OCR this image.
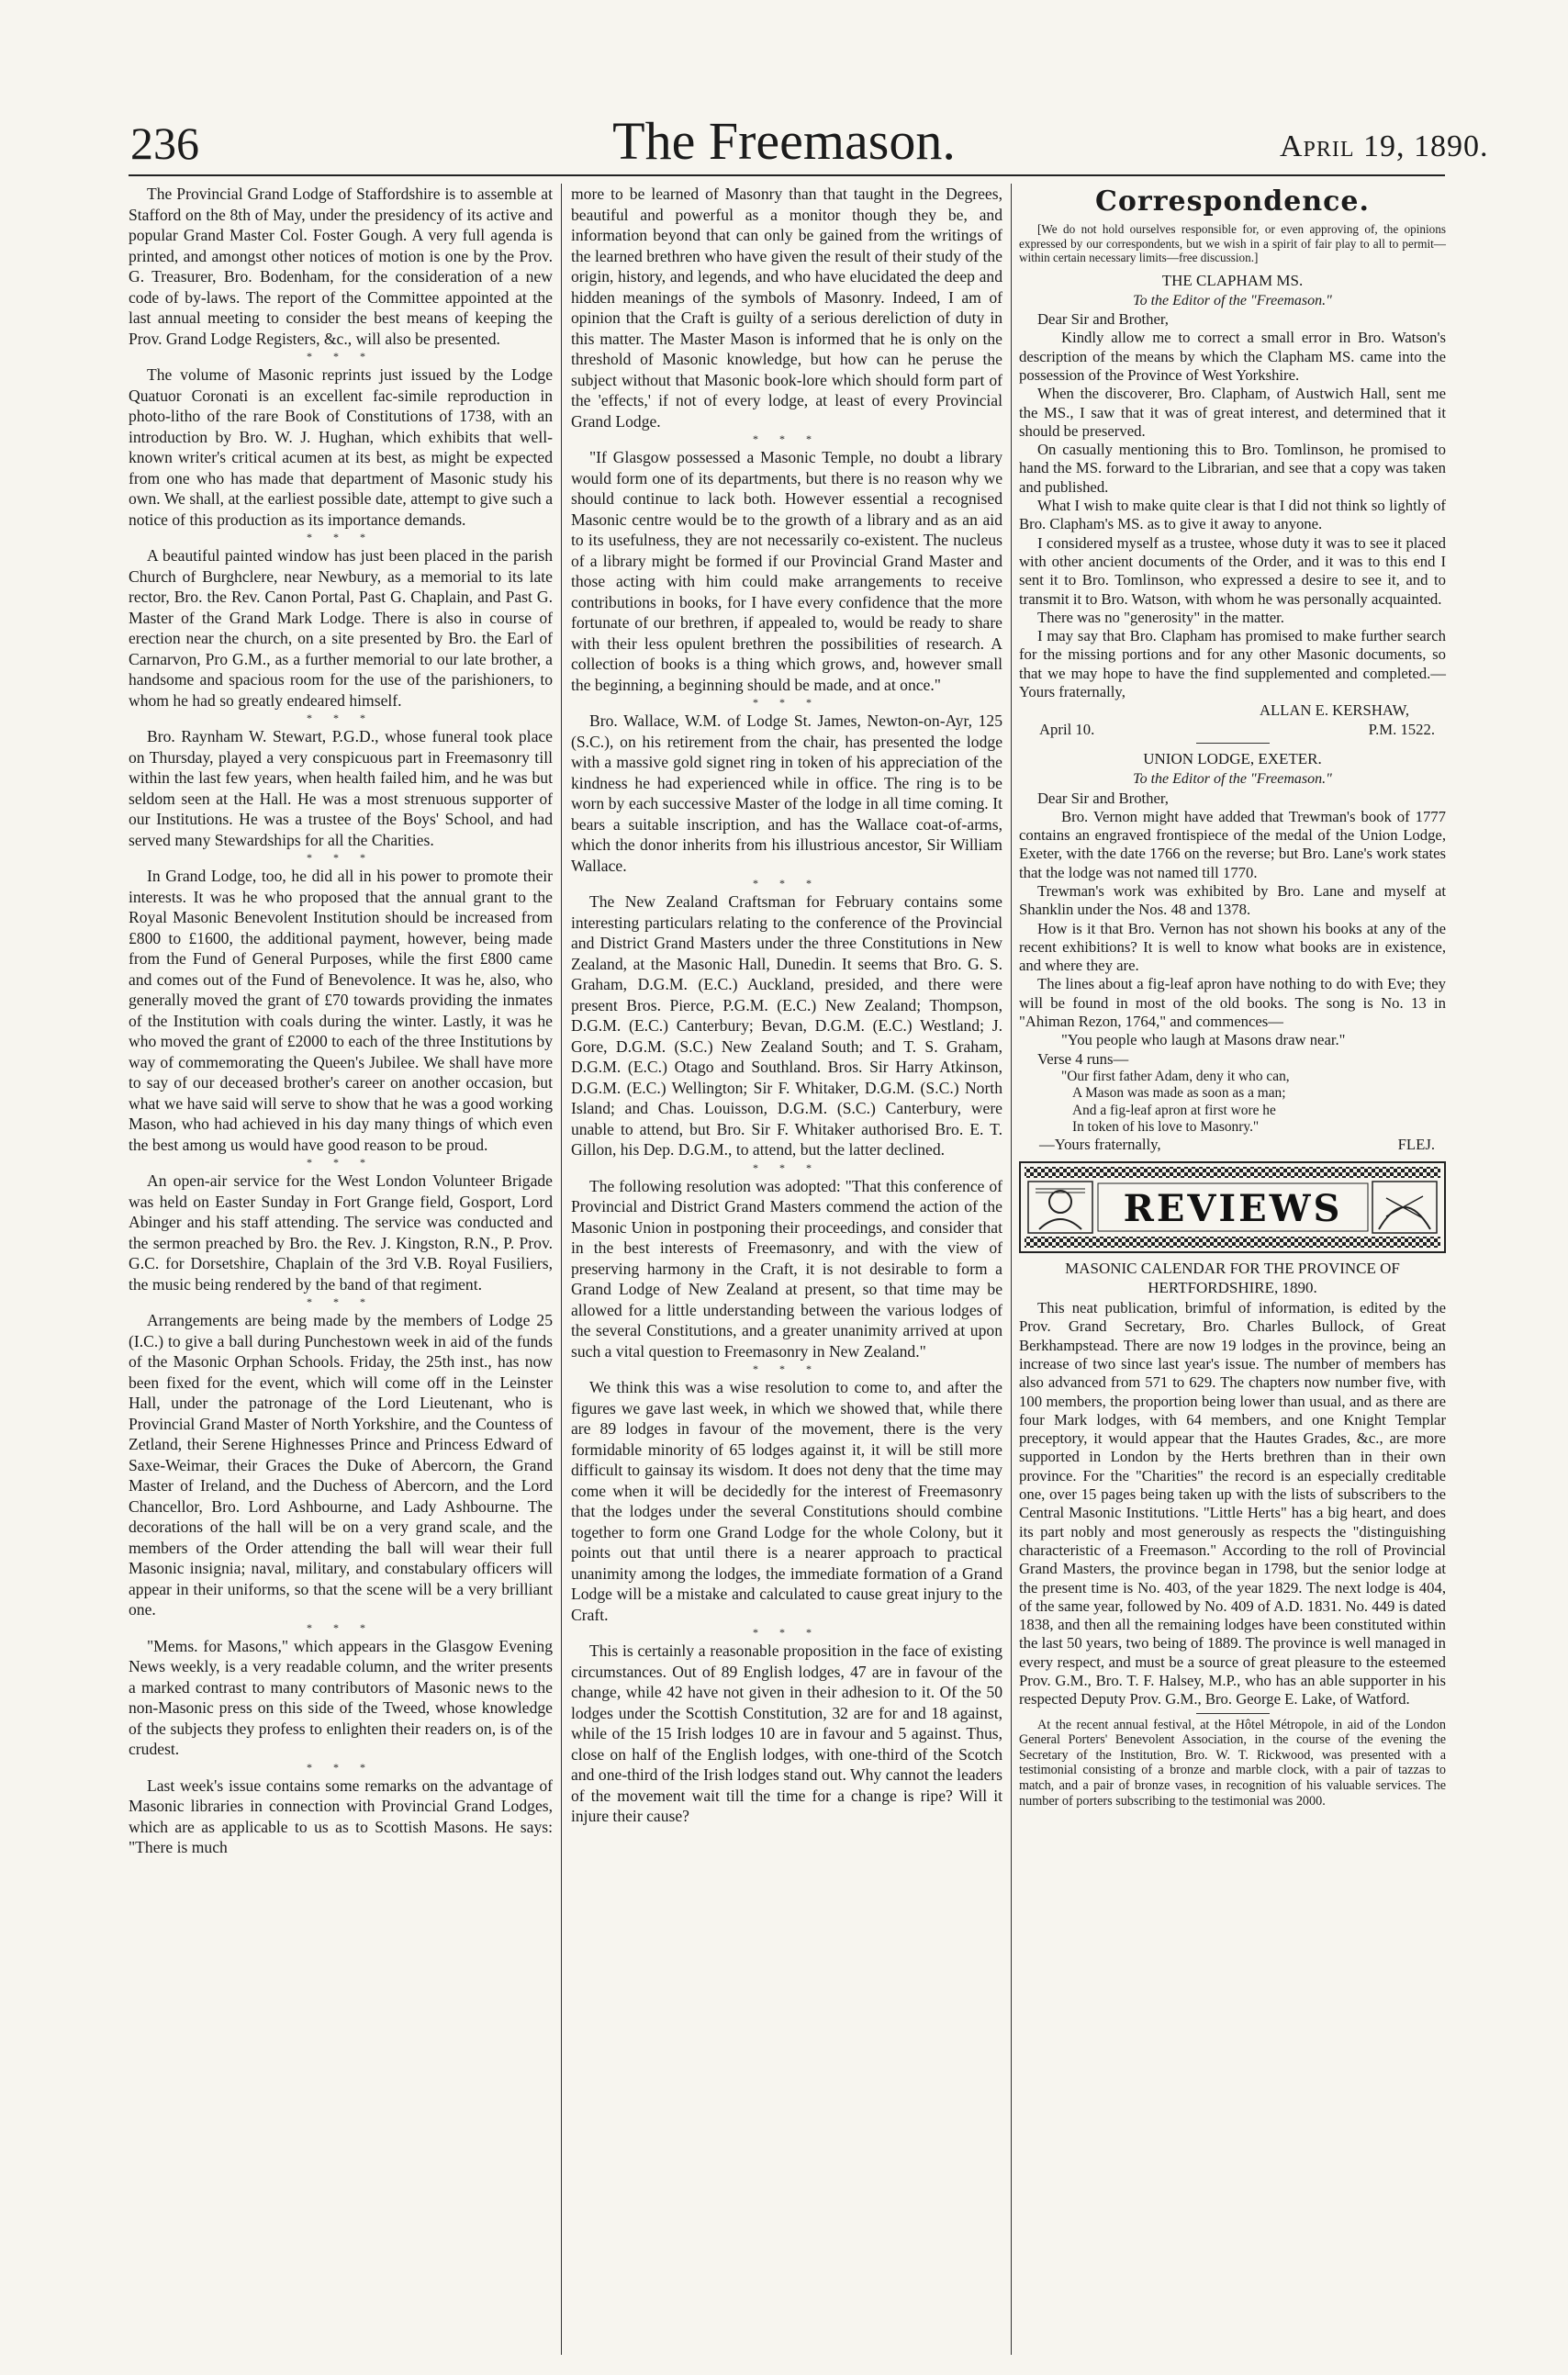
236	The Freemason.	April 19, 1890.

The Provincial Grand Lodge of Staffordshire is to assemble at Stafford on the 8th of May, under the presidency of its active and popular Grand Master Col. Foster Gough. A very full agenda is printed, and amongst other notices of motion is one by the Prov. G. Treasurer, Bro. Bodenham, for the consideration of a new code of by-laws. The report of the Committee appointed at the last annual meeting to consider the best means of keeping the Prov. Grand Lodge Registers, &c., will also be presented.

* * *

The volume of Masonic reprints just issued by the Lodge Quatuor Coronati is an excellent fac-simile reproduction in photo-litho of the rare Book of Constitutions of 1738, with an introduction by Bro. W. J. Hughan, which exhibits that well-known writer's critical acumen at its best, as might be expected from one who has made that department of Masonic study his own. We shall, at the earliest possible date, attempt to give such a notice of this production as its importance demands.

* * *

A beautiful painted window has just been placed in the parish Church of Burghclere, near Newbury, as a memorial to its late rector, Bro. the Rev. Canon Portal, Past G. Chaplain, and Past G. Master of the Grand Mark Lodge. There is also in course of erection near the church, on a site presented by Bro. the Earl of Carnarvon, Pro G.M., as a further memorial to our late brother, a handsome and spacious room for the use of the parishioners, to whom he had so greatly endeared himself.

* * *

Bro. Raynham W. Stewart, P.G.D., whose funeral took place on Thursday, played a very conspicuous part in Freemasonry till within the last few years, when health failed him, and he was but seldom seen at the Hall. He was a most strenuous supporter of our Institutions. He was a trustee of the Boys' School, and had served many Stewardships for all the Charities.

* * *

In Grand Lodge, too, he did all in his power to promote their interests. It was he who proposed that the annual grant to the Royal Masonic Benevolent Institution should be increased from £800 to £1600, the additional payment, however, being made from the Fund of General Purposes, while the first £800 came and comes out of the Fund of Benevolence. It was he, also, who generally moved the grant of £70 towards providing the inmates of the Institution with coals during the winter. Lastly, it was he who moved the grant of £2000 to each of the three Institutions by way of commemorating the Queen's Jubilee. We shall have more to say of our deceased brother's career on another occasion, but what we have said will serve to show that he was a good working Mason, who had achieved in his day many things of which even the best among us would have good reason to be proud.

* * *

An open-air service for the West London Volunteer Brigade was held on Easter Sunday in Fort Grange field, Gosport, Lord Abinger and his staff attending. The service was conducted and the sermon preached by Bro. the Rev. J. Kingston, R.N., P. Prov. G.C. for Dorsetshire, Chaplain of the 3rd V.B. Royal Fusiliers, the music being rendered by the band of that regiment.

* * *

Arrangements are being made by the members of Lodge 25 (I.C.) to give a ball during Punchestown week in aid of the funds of the Masonic Orphan Schools. Friday, the 25th inst., has now been fixed for the event, which will come off in the Leinster Hall, under the patronage of the Lord Lieutenant, who is Provincial Grand Master of North Yorkshire, and the Countess of Zetland, their Serene Highnesses Prince and Princess Edward of Saxe-Weimar, their Graces the Duke of Abercorn, the Grand Master of Ireland, and the Duchess of Abercorn, and the Lord Chancellor, Bro. Lord Ashbourne, and Lady Ashbourne. The decorations of the hall will be on a very grand scale, and the members of the Order attending the ball will wear their full Masonic insignia; naval, military, and constabulary officers will appear in their uniforms, so that the scene will be a very brilliant one.

* * *

"Mems. for Masons," which appears in the Glasgow Evening News weekly, is a very readable column, and the writer presents a marked contrast to many contributors of Masonic news to the non-Masonic press on this side of the Tweed, whose knowledge of the subjects they profess to enlighten their readers on, is of the crudest.

* * *

Last week's issue contains some remarks on the advantage of Masonic libraries in connection with Provincial Grand Lodges, which are as applicable to us as to Scottish Masons. He says: "There is much

more to be learned of Masonry than that taught in the Degrees, beautiful and powerful as a monitor though they be, and information beyond that can only be gained from the writings of the learned brethren who have given the result of their study of the origin, history, and legends, and who have elucidated the deep and hidden meanings of the symbols of Masonry. Indeed, I am of opinion that the Craft is guilty of a serious dereliction of duty in this matter. The Master Mason is informed that he is only on the threshold of Masonic knowledge, but how can he peruse the subject without that Masonic book-lore which should form part of the 'effects,' if not of every lodge, at least of every Provincial Grand Lodge.

* * *

"If Glasgow possessed a Masonic Temple, no doubt a library would form one of its departments, but there is no reason why we should continue to lack both. However essential a recognised Masonic centre would be to the growth of a library and as an aid to its usefulness, they are not necessarily co-existent. The nucleus of a library might be formed if our Provincial Grand Master and those acting with him could make arrangements to receive contributions in books, for I have every confidence that the more fortunate of our brethren, if appealed to, would be ready to share with their less opulent brethren the possibilities of research. A collection of books is a thing which grows, and, however small the beginning, a beginning should be made, and at once."

* * *

Bro. Wallace, W.M. of Lodge St. James, Newton-on-Ayr, 125 (S.C.), on his retirement from the chair, has presented the lodge with a massive gold signet ring in token of his appreciation of the kindness he had experienced while in office. The ring is to be worn by each successive Master of the lodge in all time coming. It bears a suitable inscription, and has the Wallace coat-of-arms, which the donor inherits from his illustrious ancestor, Sir William Wallace.

* * *

The New Zealand Craftsman for February contains some interesting particulars relating to the conference of the Provincial and District Grand Masters under the three Constitutions in New Zealand, at the Masonic Hall, Dunedin. It seems that Bro. G. S. Graham, D.G.M. (E.C.) Auckland, presided, and there were present Bros. Pierce, P.G.M. (E.C.) New Zealand; Thompson, D.G.M. (E.C.) Canterbury; Bevan, D.G.M. (E.C.) Westland; J. Gore, D.G.M. (S.C.) New Zealand South; and T. S. Graham, D.G.M. (E.C.) Otago and Southland. Bros. Sir Harry Atkinson, D.G.M. (E.C.) Wellington; Sir F. Whitaker, D.G.M. (S.C.) North Island; and Chas. Louisson, D.G.M. (S.C.) Canterbury, were unable to attend, but Bro. Sir F. Whitaker authorised Bro. E. T. Gillon, his Dep. D.G.M., to attend, but the latter declined.

* * *

The following resolution was adopted: "That this conference of Provincial and District Grand Masters commend the action of the Masonic Union in postponing their proceedings, and consider that in the best interests of Freemasonry, and with the view of preserving harmony in the Craft, it is not desirable to form a Grand Lodge of New Zealand at present, so that time may be allowed for a little understanding between the various lodges of the several Constitutions, and a greater unanimity arrived at upon such a vital question to Freemasonry in New Zealand."

* * *

We think this was a wise resolution to come to, and after the figures we gave last week, in which we showed that, while there are 89 lodges in favour of the movement, there is the very formidable minority of 65 lodges against it, it will be still more difficult to gainsay its wisdom. It does not deny that the time may come when it will be decidedly for the interest of Freemasonry that the lodges under the several Constitutions should combine together to form one Grand Lodge for the whole Colony, but it points out that until there is a nearer approach to practical unanimity among the lodges, the immediate formation of a Grand Lodge will be a mistake and calculated to cause great injury to the Craft.

* * *

This is certainly a reasonable proposition in the face of existing circumstances. Out of 89 English lodges, 47 are in favour of the change, while 42 have not given in their adhesion to it. Of the 50 lodges under the Scottish Constitution, 32 are for and 18 against, while of the 15 Irish lodges 10 are in favour and 5 against. Thus, close on half of the English lodges, with one-third of the Scotch and one-third of the Irish lodges stand out. Why cannot the leaders of the movement wait till the time for a change is ripe? Will it injure their cause?

Correspondence.

[We do not hold ourselves responsible for, or even approving of, the opinions expressed by our correspondents, but we wish in a spirit of fair play to all to permit—within certain necessary limits—free discussion.]

THE CLAPHAM MS.
To the Editor of the "Freemason."

Dear Sir and Brother,

Kindly allow me to correct a small error in Bro. Watson's description of the means by which the Clapham MS. came into the possession of the Province of West Yorkshire.

When the discoverer, Bro. Clapham, of Austwich Hall, sent me the MS., I saw that it was of great interest, and determined that it should be preserved.

On casually mentioning this to Bro. Tomlinson, he promised to hand the MS. forward to the Librarian, and see that a copy was taken and published.

What I wish to make quite clear is that I did not think so lightly of Bro. Clapham's MS. as to give it away to anyone.

I considered myself as a trustee, whose duty it was to see it placed with other ancient documents of the Order, and it was to this end I sent it to Bro. Tomlinson, who expressed a desire to see it, and to transmit it to Bro. Watson, with whom he was personally acquainted.

There was no "generosity" in the matter.

I may say that Bro. Clapham has promised to make further search for the missing portions and for any other Masonic documents, so that we may hope to have the find supplemented and completed.—Yours fraternally,

ALLAN E. KERSHAW,
April 10.	P.M. 1522.
UNION LODGE, EXETER.
To the Editor of the "Freemason."

Dear Sir and Brother,

Bro. Vernon might have added that Trewman's book of 1777 contains an engraved frontispiece of the medal of the Union Lodge, Exeter, with the date 1766 on the reverse; but Bro. Lane's work states that the lodge was not named till 1770.

Trewman's work was exhibited by Bro. Lane and myself at Shanklin under the Nos. 48 and 1378.

How is it that Bro. Vernon has not shown his books at any of the recent exhibitions? It is well to know what books are in existence, and where they are.

The lines about a fig-leaf apron have nothing to do with Eve; they will be found in most of the old books. The song is No. 13 in "Ahiman Rezon, 1764," and commences—

"You people who laugh at Masons draw near."

Verse 4 runs—

"Our first father Adam, deny it who can,
A Mason was made as soon as a man;
And a fig-leaf apron at first wore he
In token of his love to Masonry."
—Yours fraternally,	FLEJ.
REVIEWS
MASONIC CALENDAR FOR THE PROVINCE OF HERTFORDSHIRE, 1890.

This neat publication, brimful of information, is edited by the Prov. Grand Secretary, Bro. Charles Bullock, of Great Berkhampstead. There are now 19 lodges in the province, being an increase of two since last year's issue. The number of members has also advanced from 571 to 629. The chapters now number five, with 100 members, the proportion being lower than usual, and as there are four Mark lodges, with 64 members, and one Knight Templar preceptory, it would appear that the Hautes Grades, &c., are more supported in London by the Herts brethren than in their own province. For the "Charities" the record is an especially creditable one, over 15 pages being taken up with the lists of subscribers to the Central Masonic Institutions. "Little Herts" has a big heart, and does its part nobly and most generously as respects the "distinguishing characteristic of a Freemason." According to the roll of Provincial Grand Masters, the province began in 1798, but the senior lodge at the present time is No. 403, of the year 1829. The next lodge is 404, of the same year, followed by No. 409 of A.D. 1831. No. 449 is dated 1838, and then all the remaining lodges have been constituted within the last 50 years, two being of 1889. The province is well managed in every respect, and must be a source of great pleasure to the esteemed Prov. G.M., Bro. T. F. Halsey, M.P., who has an able supporter in his respected Deputy Prov. G.M., Bro. George E. Lake, of Watford.

At the recent annual festival, at the Hôtel Métropole, in aid of the London General Porters' Benevolent Association, in the course of the evening the Secretary of the Institution, Bro. W. T. Rickwood, was presented with a testimonial consisting of a bronze and marble clock, with a pair of tazzas to match, and a pair of bronze vases, in recognition of his valuable services. The number of porters subscribing to the testimonial was 2000.
